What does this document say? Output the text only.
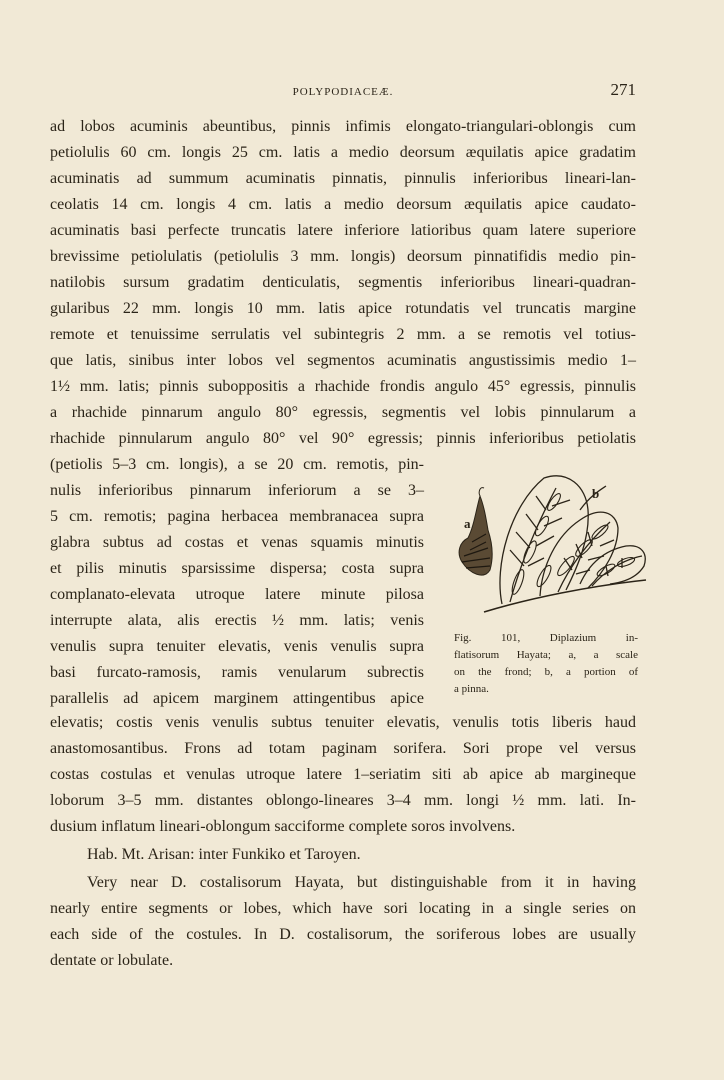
POLYPODIACEÆ.	271
ad lobos acuminis abeuntibus, pinnis infimis elongato-triangulari-oblongis cum
petiolulis 60 cm. longis 25 cm. latis a medio deorsum æquilatis apice gradatim
acuminatis ad summum acuminatis pinnatis, pinnulis inferioribus lineari-lan-
ceolatis 14 cm. longis 4 cm. latis a medio deorsum æquilatis apice caudato-
acuminatis basi perfecte truncatis latere inferiore latioribus quam latere superiore
brevissime petiolulatis (petiolulis 3 mm. longis) deorsum pinnatifidis medio pin-
natilobis sursum gradatim denticulatis, segmentis inferioribus lineari-quadran-
gularibus 22 mm. longis 10 mm. latis apice rotundatis vel truncatis margine
remote et tenuissime serrulatis vel subintegris 2 mm. a se remotis vel totius-
que latis, sinibus inter lobos vel segmentos acuminatis angustissimis medio 1–
1½ mm. latis; pinnis suboppositis a rhachide frondis angulo 45° egressis, pinnulis
a rhachide pinnarum angulo 80° egressis, segmentis vel lobis pinnularum a
rhachide pinnularum angulo 80° vel 90° egressis; pinnis inferioribus petiolatis
(petiolis 5–3 cm. longis), a se 20 cm. remotis, pin-
nulis inferioribus pinnarum inferiorum a se 3–
5 cm. remotis; pagina herbacea membranacea supra
glabra subtus ad costas et venas squamis minutis
et pilis minutis sparsissime dispersa; costa supra
complanato-elevata utroque latere minute pilosa
interrupte alata, alis erectis ½ mm. latis; venis
venulis supra tenuiter elevatis, venis venulis supra
basi furcato-ramosis, ramis venularum subrectis
parallelis ad apicem marginem attingentibus apice
elevatis; costis venis venulis subtus tenuiter elevatis, venulis totis liberis haud
anastomosantibus. Frons ad totam paginam sorifera. Sori prope vel versus
costas costulas et venulas utroque latere 1–seriatim siti ab apice ab margineque
loborum 3–5 mm. distantes oblongo-lineares 3–4 mm. longi ½ mm. lati. In-
dusium inflatum lineari-oblongum sacciforme complete soros involvens.
Hab. Mt. Arisan: inter Funkiko et Taroyen.
Very near D. costalisorum Hayata, but distinguishable from it in having
nearly entire segments or lobes, which have sori locating in a single series on
each side of the costules. In D. costalisorum, the soriferous lobes are usually
dentate or lobulate.
a
b
Fig. 101, Diplazium in-
flatisorum Hayata; a, a scale
on the frond; b, a portion of
a pinna.
